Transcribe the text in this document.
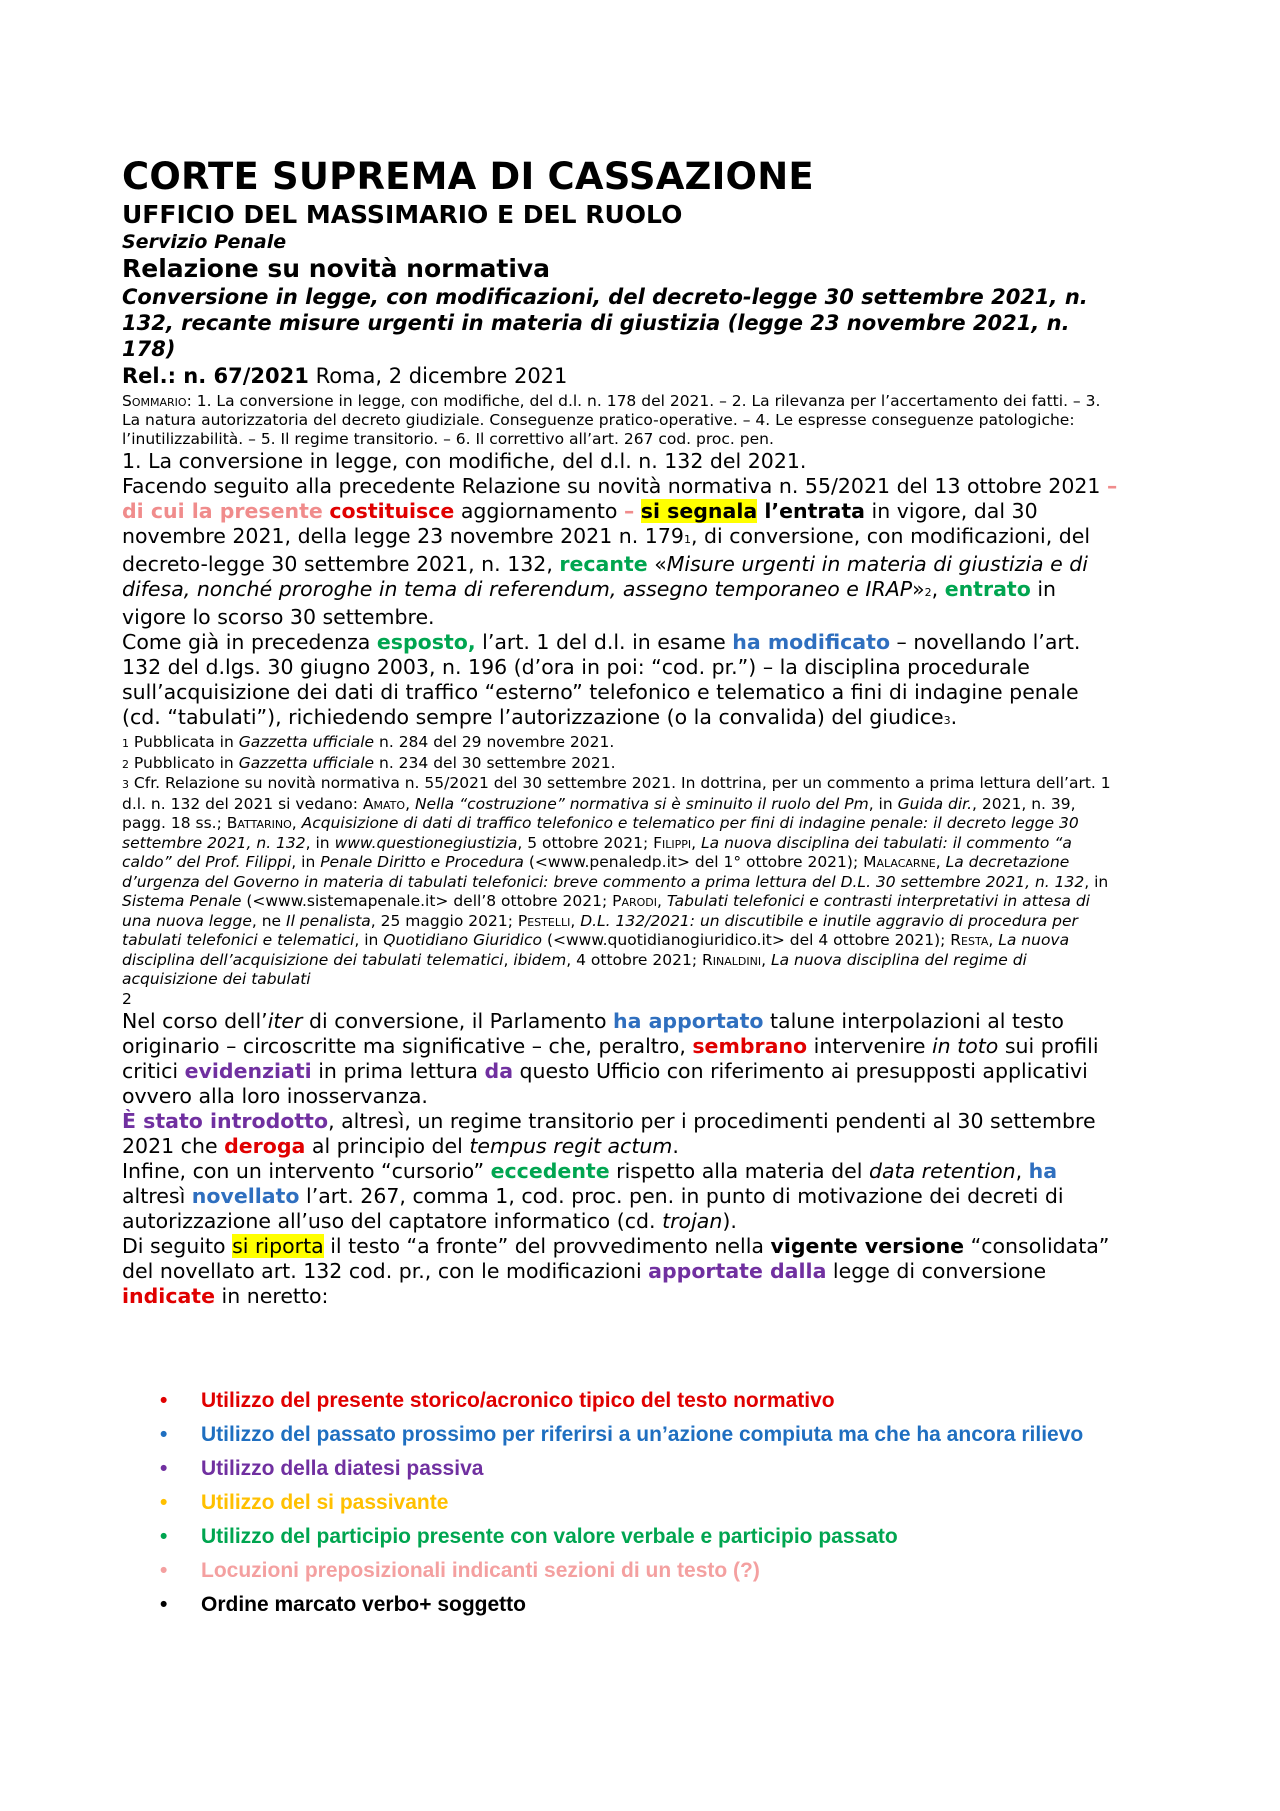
CORTE SUPREMA DI CASSAZIONE
UFFICIO DEL MASSIMARIO E DEL RUOLO
Servizio Penale
Relazione su novità normativa
Conversione in legge, con modificazioni, del decreto-legge 30 settembre 2021, n. 132, recante misure urgenti in materia di giustizia (legge 23 novembre 2021, n. 178)
Rel.: n. 67/2021 Roma, 2 dicembre 2021
Sommario: 1. La conversione in legge, con modifiche, del d.l. n. 178 del 2021. – 2. La rilevanza per l’accertamento dei fatti. – 3. La natura autorizzatoria del decreto giudiziale. Conseguenze pratico-operative. – 4. Le espresse conseguenze patologiche: l’inutilizzabilità. – 5. Il regime transitorio. – 6. Il correttivo all’art. 267 cod. proc. pen.
1. La conversione in legge, con modifiche, del d.l. n. 132 del 2021.
Facendo seguito alla precedente Relazione su novità normativa n. 55/2021 del 13 ottobre 2021 – di cui la presente costituisce aggiornamento – si segnala l’entrata in vigore, dal 30 novembre 2021, della legge 23 novembre 2021 n. 1791, di conversione, con modificazioni, del decreto-legge 30 settembre 2021, n. 132, recante «Misure urgenti in materia di giustizia e di difesa, nonché proroghe in tema di referendum, assegno temporaneo e IRAP»2, entrato in vigore lo scorso 30 settembre.
Come già in precedenza esposto, l’art. 1 del d.l. in esame ha modificato – novellando l’art. 132 del d.lgs. 30 giugno 2003, n. 196 (d’ora in poi: “cod. pr.”) – la disciplina procedurale sull’acquisizione dei dati di traffico “esterno” telefonico e telematico a fini di indagine penale (cd. “tabulati”), richiedendo sempre l’autorizzazione (o la convalida) del giudice3.
1 Pubblicata in Gazzetta ufficiale n. 284 del 29 novembre 2021.
2 Pubblicato in Gazzetta ufficiale n. 234 del 30 settembre 2021.
3 Cfr. Relazione su novità normativa n. 55/2021 del 30 settembre 2021. In dottrina, per un commento a prima lettura dell’art. 1 d.l. n. 132 del 2021 si vedano: Amato, Nella “costruzione” normativa si è sminuito il ruolo del Pm, in Guida dir., 2021, n. 39, pagg. 18 ss.; Battarino, Acquisizione di dati di traffico telefonico e telematico per fini di indagine penale: il decreto legge 30 settembre 2021, n. 132, in www.questionegiustizia, 5 ottobre 2021; Filippi, La nuova disciplina dei tabulati: il commento “a caldo” del Prof. Filippi, in Penale Diritto e Procedura (<www.penaledp.it> del 1° ottobre 2021); Malacarne, La decretazione d’urgenza del Governo in materia di tabulati telefonici: breve commento a prima lettura del D.L. 30 settembre 2021, n. 132, in Sistema Penale (<www.sistemapenale.it> dell’8 ottobre 2021; Parodi, Tabulati telefonici e contrasti interpretativi in attesa di una nuova legge, ne Il penalista, 25 maggio 2021; Pestelli, D.L. 132/2021: un discutibile e inutile aggravio di procedura per tabulati telefonici e telematici, in Quotidiano Giuridico (<www.quotidianogiuridico.it> del 4 ottobre 2021); Resta, La nuova disciplina dell’acquisizione dei tabulati telematici, ibidem, 4 ottobre 2021; Rinaldini, La nuova disciplina del regime di acquisizione dei tabulati
2
Nel corso dell’iter di conversione, il Parlamento ha apportato talune interpolazioni al testo originario – circoscritte ma significative – che, peraltro, sembrano intervenire in toto sui profili critici evidenziati in prima lettura da questo Ufficio con riferimento ai presupposti applicativi ovvero alla loro inosservanza.
È stato introdotto, altresì, un regime transitorio per i procedimenti pendenti al 30 settembre 2021 che deroga al principio del tempus regit actum.
Infine, con un intervento “cursorio” eccedente rispetto alla materia del data retention, ha altresì novellato l’art. 267, comma 1, cod. proc. pen. in punto di motivazione dei decreti di autorizzazione all’uso del captatore informatico (cd. trojan).
Di seguito si riporta il testo “a fronte” del provvedimento nella vigente versione “consolidata” del novellato art. 132 cod. pr., con le modificazioni apportate dalla legge di conversione indicate in neretto:
• Utilizzo del presente storico/acronico tipico del testo normativo
• Utilizzo del passato prossimo per riferirsi a un’azione compiuta ma che ha ancora rilievo
• Utilizzo della diatesi passiva
• Utilizzo del si passivante
• Utilizzo del participio presente con valore verbale e participio passato
• Locuzioni preposizionali indicanti sezioni di un testo (?)
• Ordine marcato verbo+ soggetto
